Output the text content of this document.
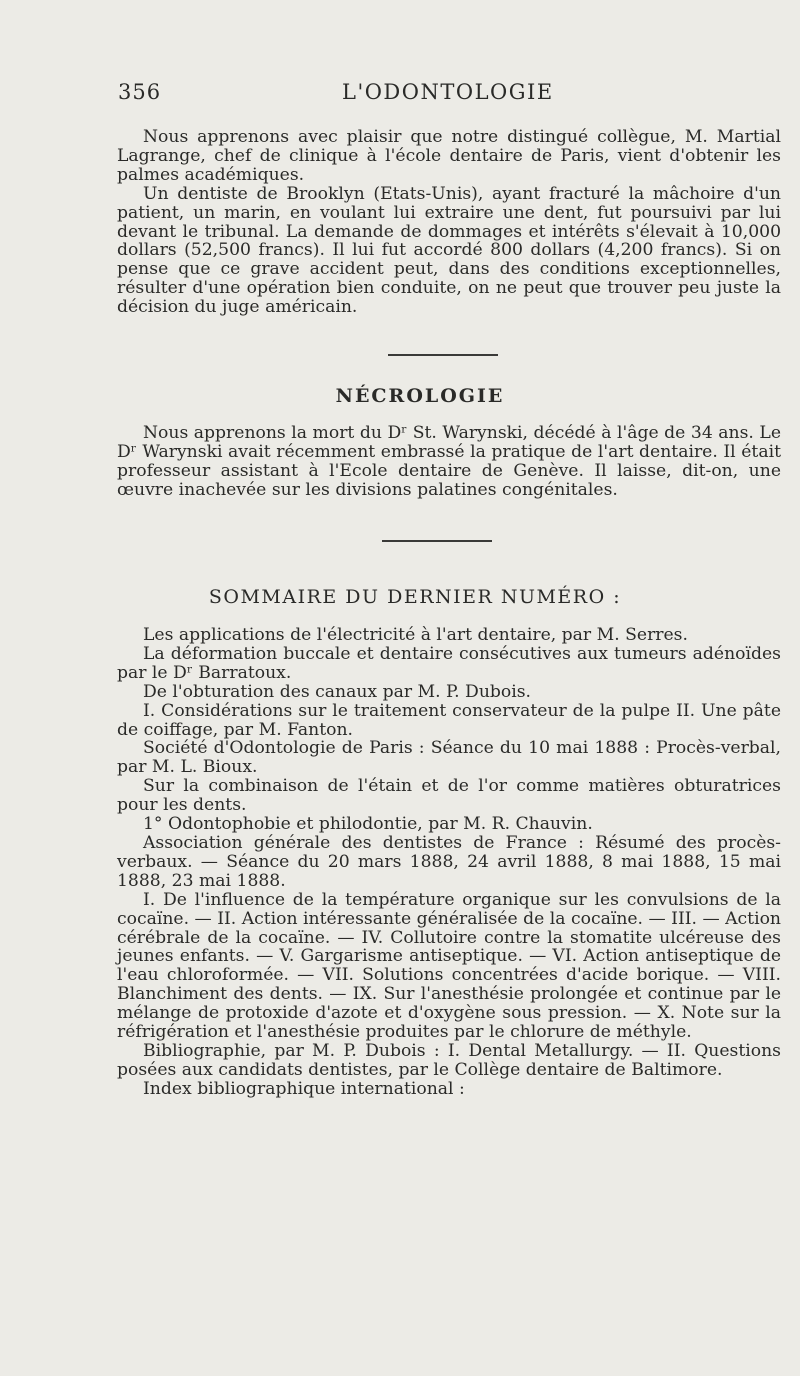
356	L'ODONTOLOGIE

Nous apprenons avec plaisir que notre distingué collègue, M. Martial Lagrange, chef de clinique à l'école dentaire de Paris, vient d'obtenir les palmes académiques.

Un dentiste de Brooklyn (Etats-Unis), ayant fracturé la mâchoire d'un patient, un marin, en voulant lui extraire une dent, fut poursuivi par lui devant le tribunal. La demande de dommages et intérêts s'élevait à 10,000 dollars (52,500 francs). Il lui fut accordé 800 dollars (4,200 francs). Si on pense que ce grave accident peut, dans des conditions exceptionnelles, résulter d'une opération bien conduite, on ne peut que trouver peu juste la décision du juge américain.

NÉCROLOGIE

Nous apprenons la mort du Dʳ St. Warynski, décédé à l'âge de 34 ans. Le Dʳ Warynski avait récemment embrassé la pratique de l'art dentaire. Il était professeur assistant à l'Ecole dentaire de Genève. Il laisse, dit-on, une œuvre inachevée sur les divisions palatines congénitales.

SOMMAIRE DU DERNIER NUMÉRO :

Les applications de l'électricité à l'art dentaire, par M. Serres.

La déformation buccale et dentaire consécutives aux tumeurs adénoïdes par le Dʳ Barratoux.

De l'obturation des canaux par M. P. Dubois.

I. Considérations sur le traitement conservateur de la pulpe II. Une pâte de coiffage, par M. Fanton.

Société d'Odontologie de Paris : Séance du 10 mai 1888 : Procès-verbal, par M. L. Bioux.

Sur la combinaison de l'étain et de l'or comme matières obturatrices pour les dents.

1° Odontophobie et philodontie, par M. R. Chauvin.

Association générale des dentistes de France : Résumé des procès-verbaux. — Séance du 20 mars 1888, 24 avril 1888, 8 mai 1888, 15 mai 1888, 23 mai 1888.

I. De l'influence de la température organique sur les convulsions de la cocaïne. — II. Action intéressante généralisée de la cocaïne. — III. — Action cérébrale de la cocaïne. — IV. Collutoire contre la stomatite ulcéreuse des jeunes enfants. — V. Gargarisme antiseptique. — VI. Action antiseptique de l'eau chloroformée. — VII. Solutions concentrées d'acide borique. — VIII. Blanchiment des dents. — IX. Sur l'anesthésie prolongée et continue par le mélange de protoxide d'azote et d'oxygène sous pression. — X. Note sur la réfrigération et l'anesthésie produites par le chlorure de méthyle.

Bibliographie, par M. P. Dubois : I. Dental Metallurgy. — II. Questions posées aux candidats dentistes, par le Collège dentaire de Baltimore.

Index bibliographique international :
